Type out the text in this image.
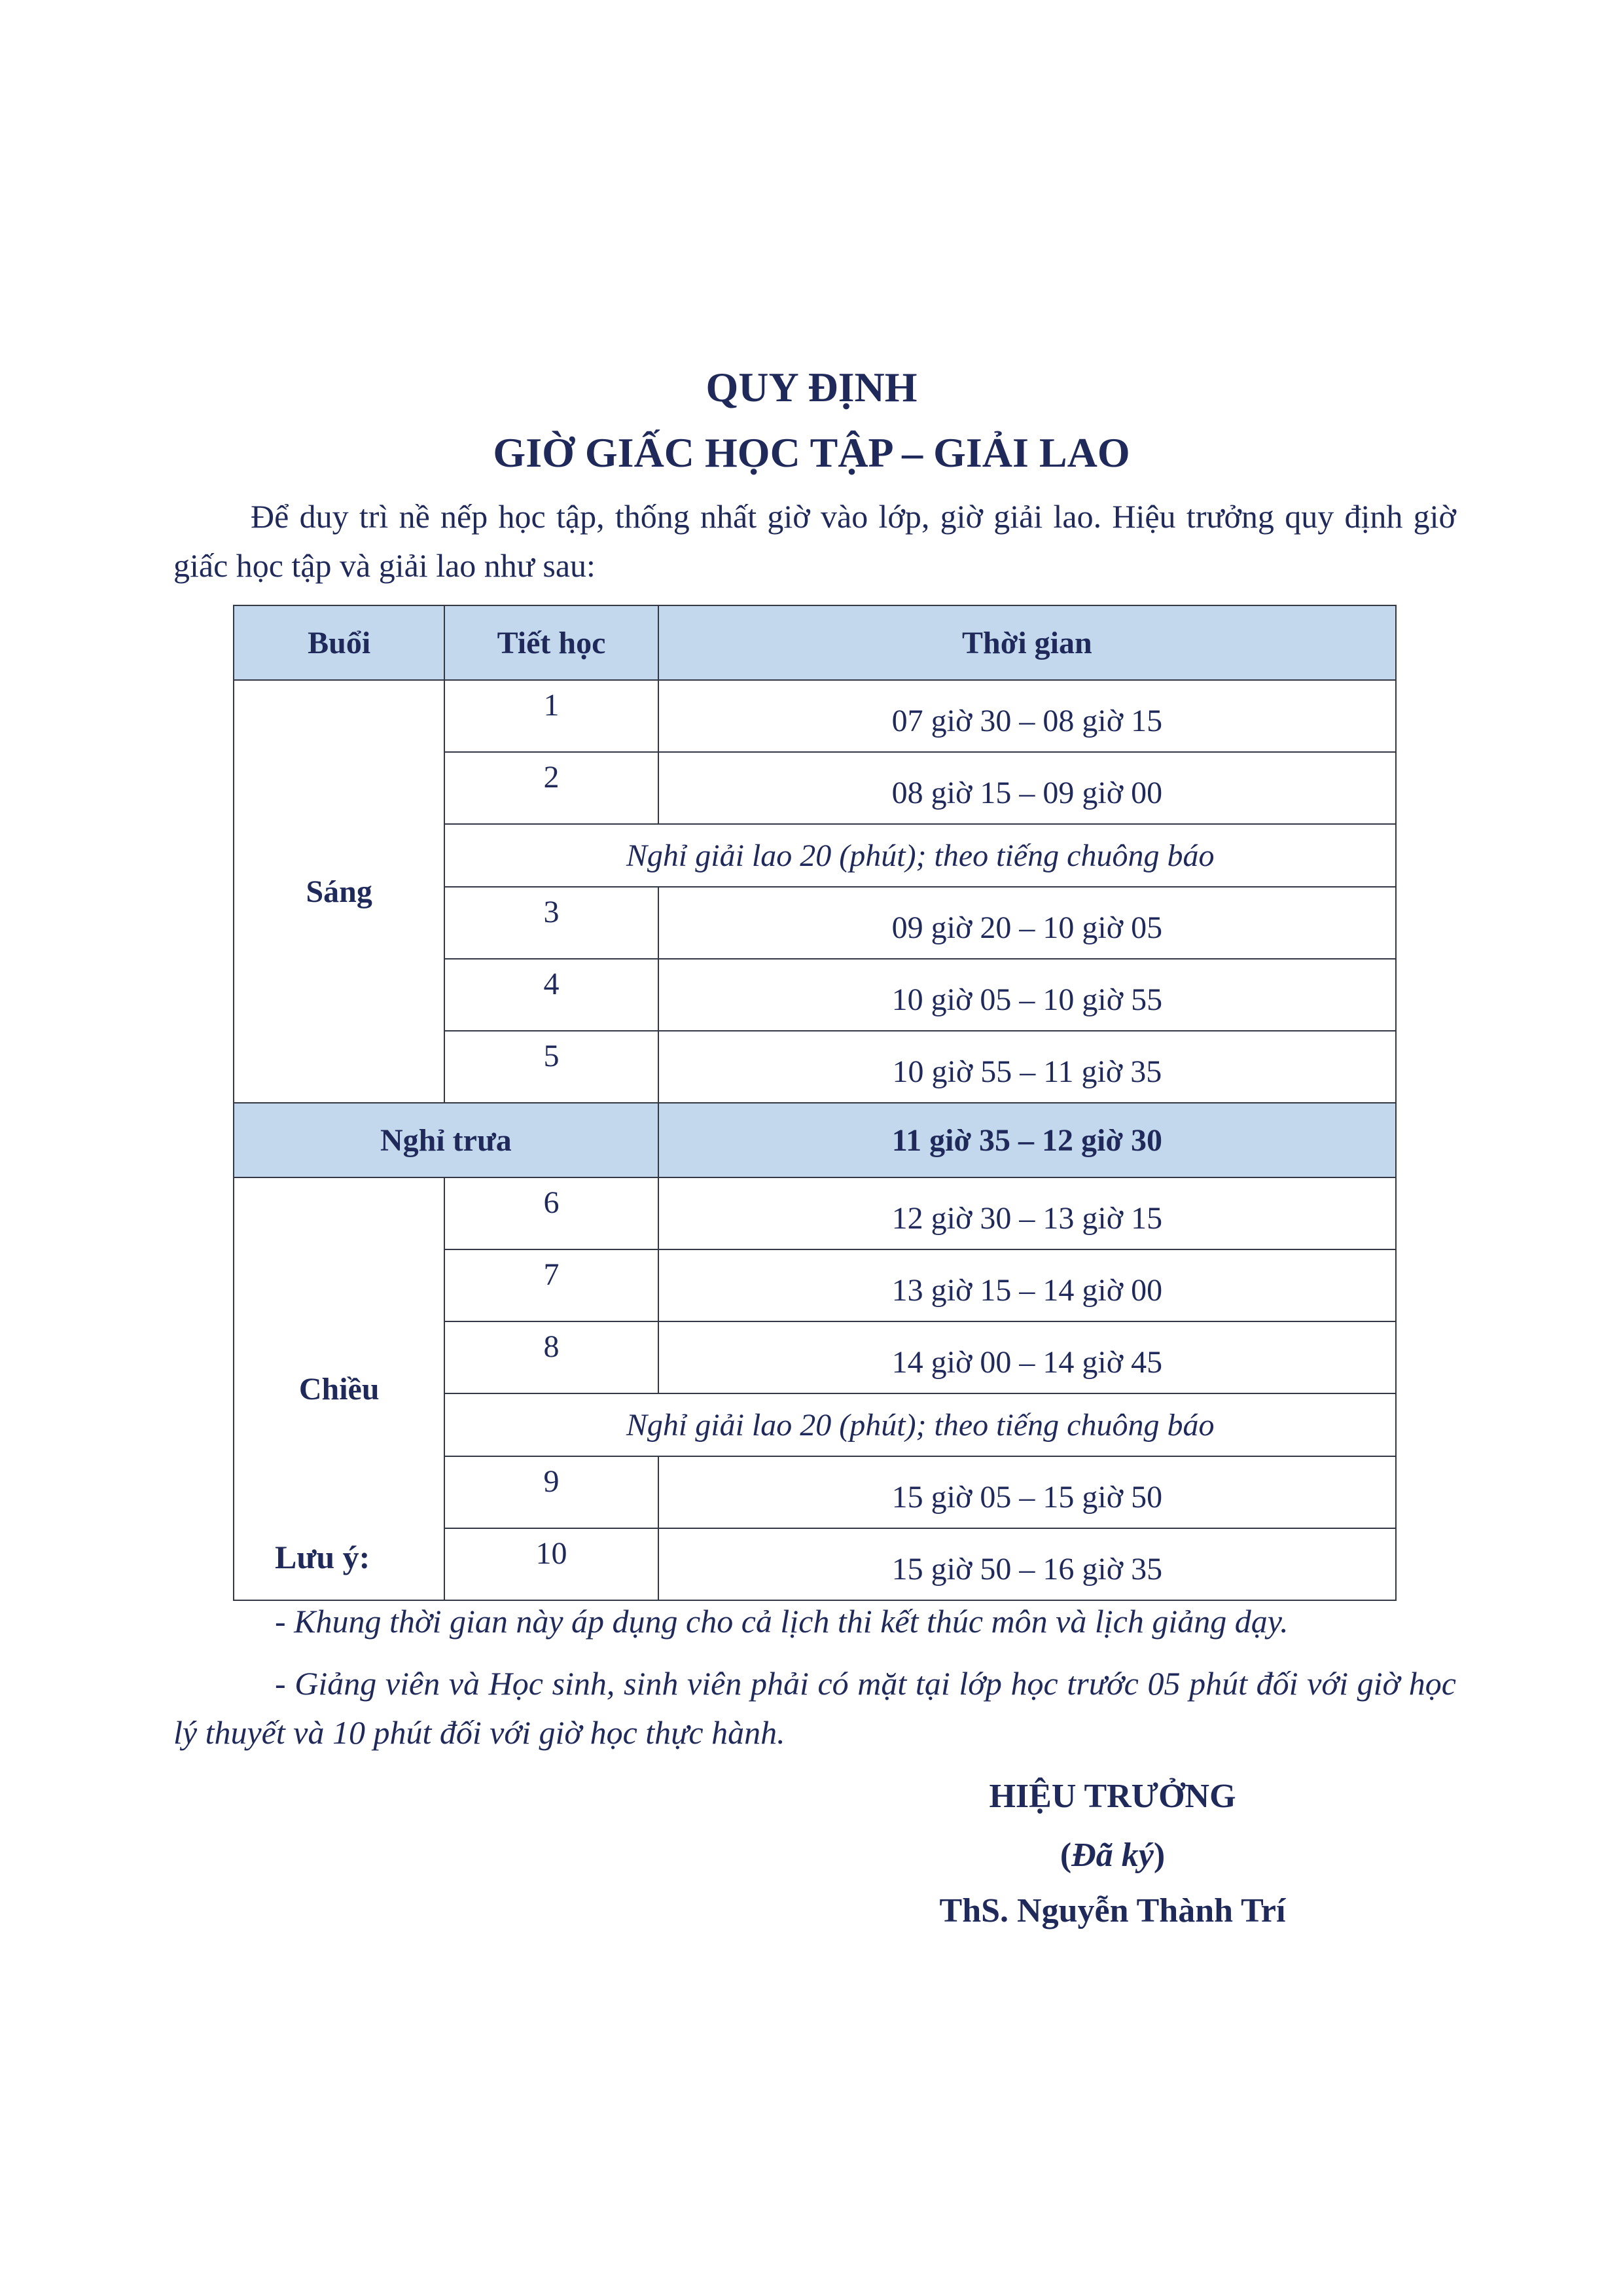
QUY ĐỊNH
GIỜ GIẤC HỌC TẬP – GIẢI LAO
Để duy trì nề nếp học tập, thống nhất giờ vào lớp, giờ giải lao. Hiệu trưởng quy định giờ giấc học tập và giải lao như sau:
Buổi	Tiết học	Thời gian
Sáng	1	07 giờ 30 – 08 giờ 15
	2	08 giờ 15 – 09 giờ 00
	Nghỉ giải lao 20 (phút); theo tiếng chuông báo	
	3	09 giờ 20 – 10 giờ 05
	4	10 giờ 05 – 10 giờ 55
	5	10 giờ 55 – 11 giờ 35
Nghỉ trưa		11 giờ 35 – 12 giờ 30
Chiều	6	12 giờ 30 – 13 giờ 15
	7	13 giờ 15 – 14 giờ 00
	8	14 giờ 00 – 14 giờ 45
	Nghỉ giải lao 20 (phút); theo tiếng chuông báo	
	9	15 giờ 05 – 15 giờ 50
	10	15 giờ 50 – 16 giờ 35
Lưu ý:
- Khung thời gian này áp dụng cho cả lịch thi kết thúc môn và lịch giảng dạy.
- Giảng viên và Học sinh, sinh viên phải có mặt tại lớp học trước 05 phút đối với giờ học lý thuyết và 10 phút đối với giờ học thực hành.
HIỆU TRƯỞNG
(Đã ký)
ThS. Nguyễn Thành Trí
